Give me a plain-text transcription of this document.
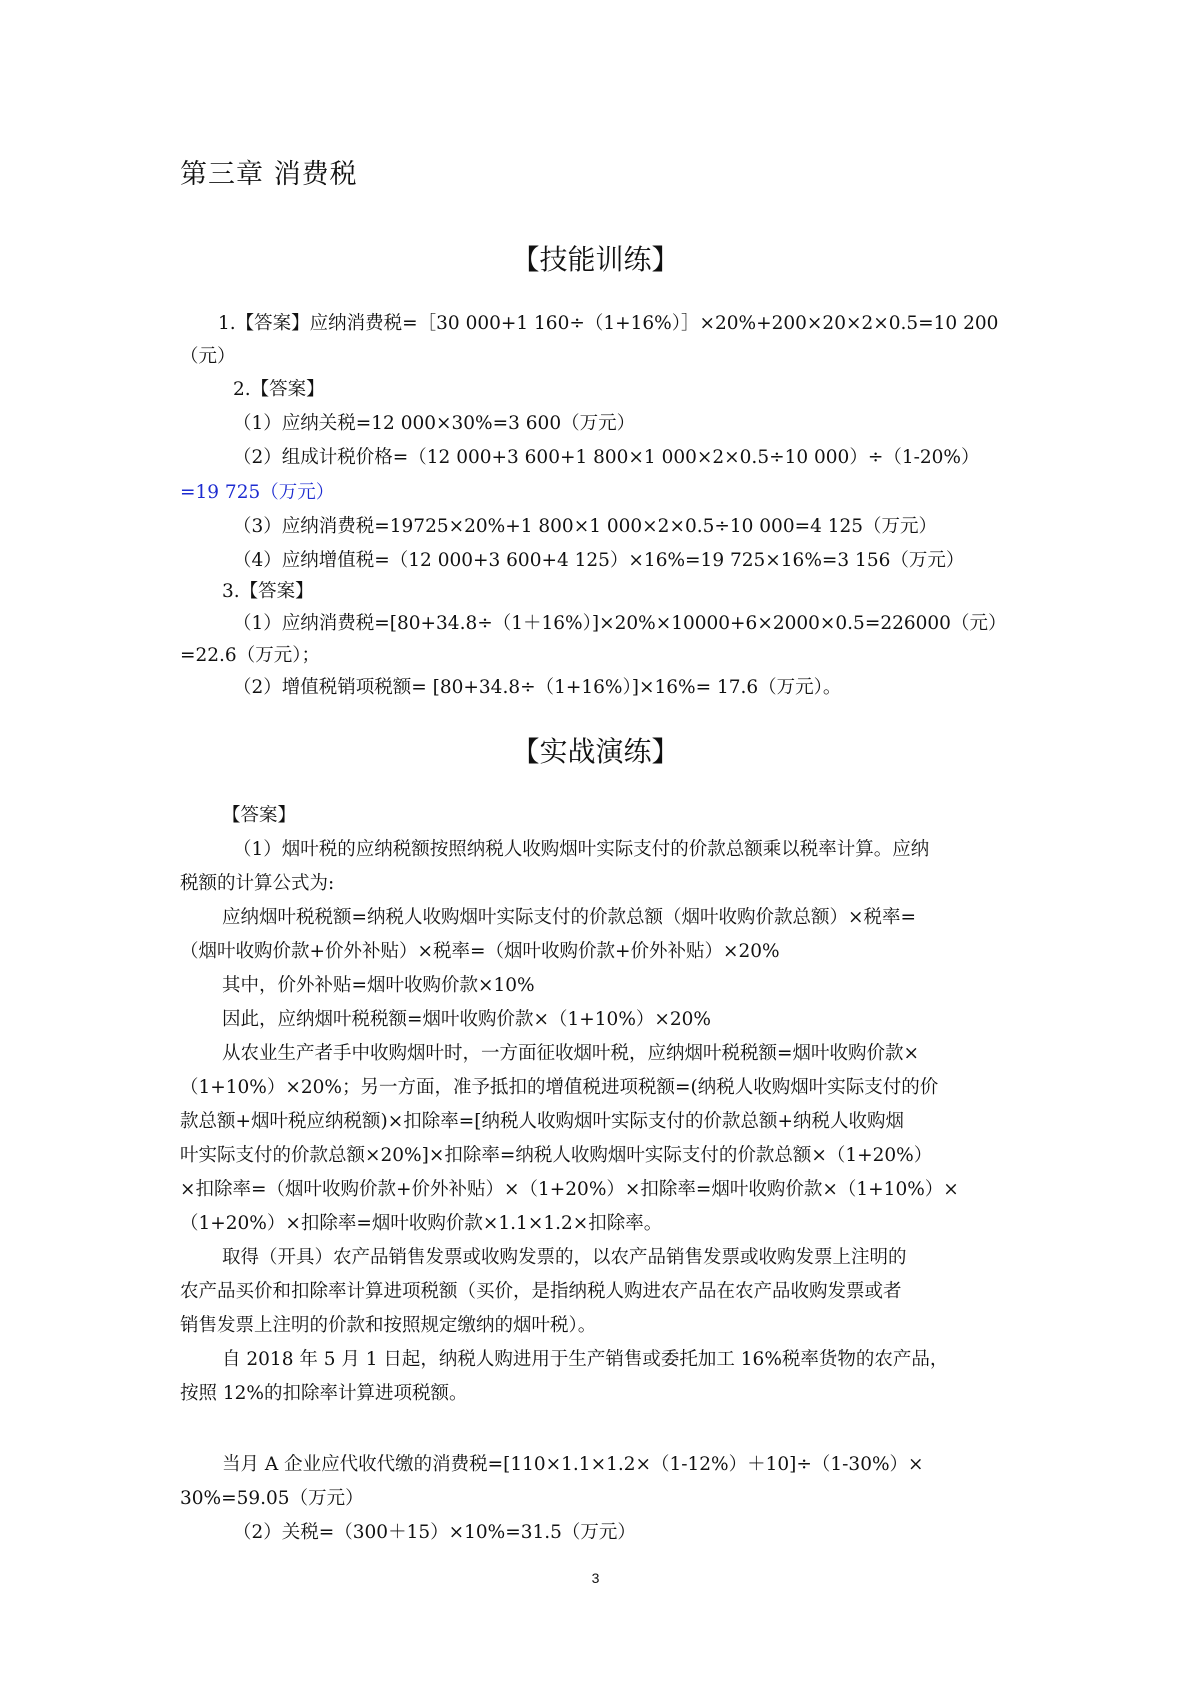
第三章 消费税
【技能训练】
1.【答案】应纳消费税=［30 000+1 160÷（1+16%）］×20%+200×20×2×0.5=10 200
（元）
2.【答案】
（1）应纳关税=12 000×30%=3 600（万元）
（2）组成计税价格=（12 000+3 600+1 800×1 000×2×0.5÷10 000）÷（1-20%）
=19 725（万元）
（3）应纳消费税=19725×20%+1 800×1 000×2×0.5÷10 000=4 125（万元）
（4）应纳增值税=（12 000+3 600+4 125）×16%=19 725×16%=3 156（万元）
3.【答案】
（1）应纳消费税=[80+34.8÷（1＋16%）]×20%×10000+6×2000×0.5=226000（元）
=22.6（万元）；
（2）增值税销项税额= [80+34.8÷（1+16%）]×16%= 17.6（万元）。
【实战演练】
【答案】
（1）烟叶税的应纳税额按照纳税人收购烟叶实际支付的价款总额乘以税率计算。应纳
税额的计算公式为:
应纳烟叶税税额=纳税人收购烟叶实际支付的价款总额（烟叶收购价款总额）×税率=
（烟叶收购价款+价外补贴）×税率=（烟叶收购价款+价外补贴）×20%
其中，价外补贴=烟叶收购价款×10%
因此，应纳烟叶税税额=烟叶收购价款×（1+10%）×20%
从农业生产者手中收购烟叶时，一方面征收烟叶税，应纳烟叶税税额=烟叶收购价款×
（1+10%）×20%；另一方面，准予抵扣的增值税进项税额=(纳税人收购烟叶实际支付的价
款总额+烟叶税应纳税额)×扣除率=[纳税人收购烟叶实际支付的价款总额+纳税人收购烟
叶实际支付的价款总额×20%]×扣除率=纳税人收购烟叶实际支付的价款总额×（1+20%）
×扣除率=（烟叶收购价款+价外补贴）×（1+20%）×扣除率=烟叶收购价款×（1+10%）×
（1+20%）×扣除率=烟叶收购价款×1.1×1.2×扣除率。
取得（开具）农产品销售发票或收购发票的，以农产品销售发票或收购发票上注明的
农产品买价和扣除率计算进项税额（买价，是指纳税人购进农产品在农产品收购发票或者
销售发票上注明的价款和按照规定缴纳的烟叶税）。
自 2018 年 5 月 1 日起，纳税人购进用于生产销售或委托加工 16%税率货物的农产品，
按照 12%的扣除率计算进项税额。
当月 A 企业应代收代缴的消费税=[110×1.1×1.2×（1-12%）＋10]÷（1-30%）×
30%=59.05（万元）
（2）关税=（300＋15）×10%=31.5（万元）
3
